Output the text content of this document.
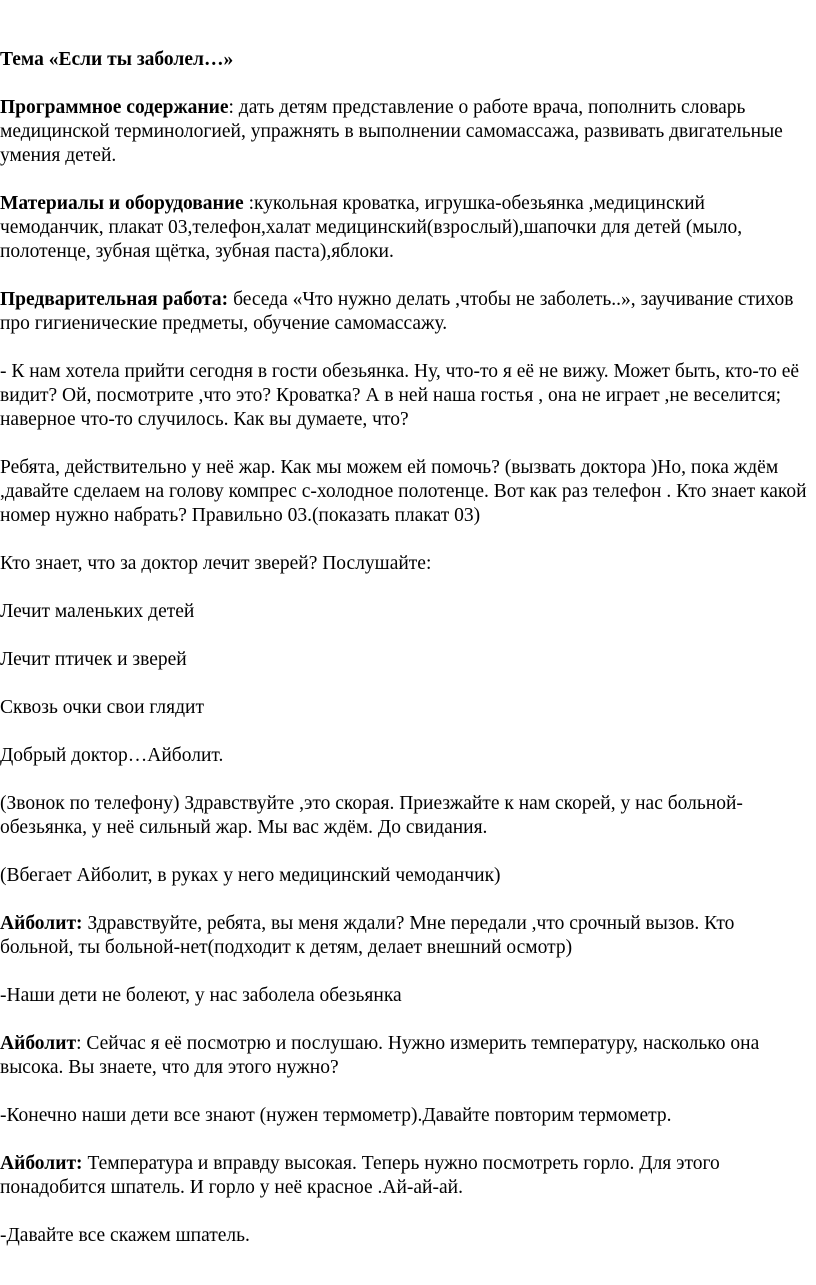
Тема «Если ты заболел…»

Программное содержание: дать детям представление о работе врача, пополнить словарь медицинской терминологией, упражнять в выполнении самомассажа, развивать двигательные умения детей.

Материалы и оборудование :кукольная кроватка, игрушка-обезьянка ,медицинский чемоданчик, плакат 03,телефон,халат медицинский(взрослый),шапочки для детей (мыло, полотенце, зубная щётка, зубная паста),яблоки.

Предварительная работа: беседа «Что нужно делать ,чтобы не заболеть..», заучивание стихов про гигиенические предметы, обучение самомассажу.

- К нам хотела прийти сегодня в гости обезьянка. Ну, что-то я её не вижу. Может быть, кто-то её видит? Ой, посмотрите ,что это? Кроватка? А в ней наша гостья , она не играет ,не веселится; наверное что-то случилось. Как вы думаете, что?

Ребята, действительно у неё жар. Как мы можем ей помочь? (вызвать доктора )Но, пока ждём ,давайте сделаем на голову компрес с-холодное полотенце. Вот как раз телефон . Кто знает какой номер нужно набрать? Правильно 03.(показать плакат 03)

Кто знает, что за доктор лечит зверей? Послушайте:

Лечит маленьких детей

Лечит птичек и зверей

Сквозь очки свои глядит

Добрый доктор…Айболит.

(Звонок по телефону) Здравствуйте ,это скорая. Приезжайте к нам скорей, у нас больной-обезьянка, у неё сильный жар. Мы вас ждём. До свидания.

(Вбегает Айболит, в руках у него медицинский чемоданчик)

Айболит: Здравствуйте, ребята, вы меня ждали? Мне передали ,что срочный вызов. Кто больной, ты больной-нет(подходит к детям, делает внешний осмотр)

-Наши дети не болеют, у нас заболела обезьянка

Айболит: Сейчас я её посмотрю и послушаю. Нужно измерить температуру, насколько она высока. Вы знаете, что для этого нужно?

-Конечно наши дети все знают (нужен термометр).Давайте повторим термометр.

Айболит: Температура и вправду высокая. Теперь нужно посмотреть горло. Для этого понадобится шпатель. И горло у неё красное .Ай-ай-ай.

-Давайте все скажем шпатель.
